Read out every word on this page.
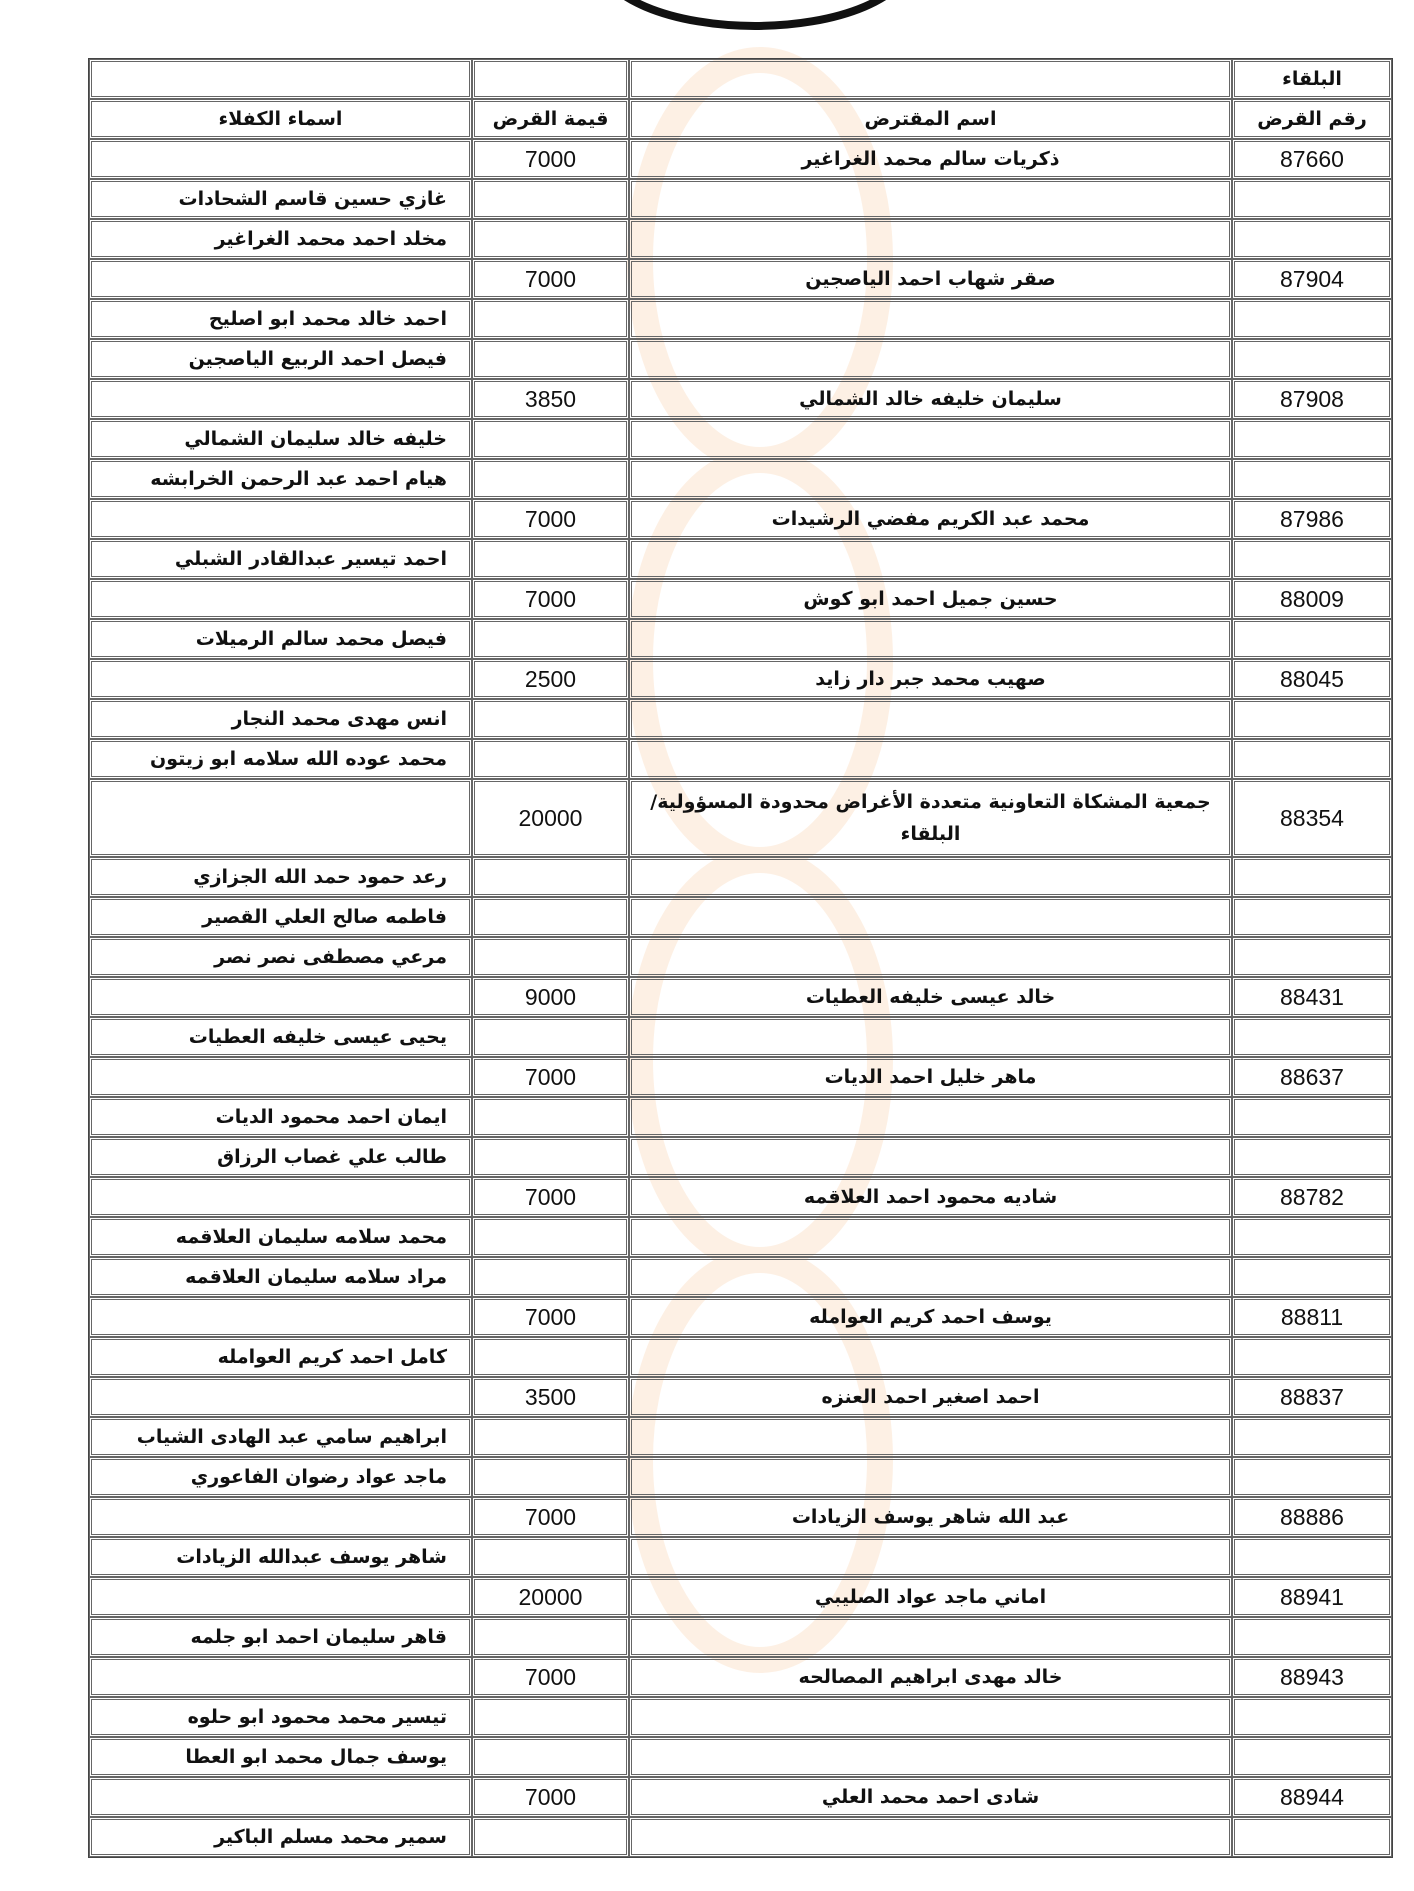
البلقاء			
رقم القرض	اسم المقترض	قيمة القرض	اسماء الكفلاء
87660	ذكريات سالم محمد الغراغير	7000	
			غازي حسين قاسم الشحادات
			مخلد احمد محمد الغراغير
87904	صقر شهاب احمد الياصجين	7000	
			احمد خالد محمد ابو اصليح
			فيصل احمد الربيع الياصجين
87908	سليمان خليفه خالد الشمالي	3850	
			خليفه خالد سليمان الشمالي
			هيام احمد عبد الرحمن الخرابشه
87986	محمد عبد الكريم مفضي الرشيدات	7000	
			احمد تيسير عبدالقادر الشبلي
88009	حسين جميل احمد ابو كوش	7000	
			فيصل محمد سالم الرميلات
88045	صهيب محمد جبر دار زايد	2500	
			انس مهدى محمد النجار
			محمد عوده الله سلامه ابو زيتون
88354	جمعية المشكاة التعاونية متعددة الأغراض محدودة المسؤولية/ البلقاء	20000	
			رعد حمود حمد الله الجزازي
			فاطمه صالح العلي القصير
			مرعي مصطفى نصر نصر
88431	خالد عيسى خليفه العطيات	9000	
			يحيى عيسى خليفه العطيات
88637	ماهر خليل احمد الديات	7000	
			ايمان احمد محمود الديات
			طالب علي غصاب الرزاق
88782	شاديه محمود احمد العلاقمه	7000	
			محمد سلامه سليمان العلاقمه
			مراد سلامه سليمان العلاقمه
88811	يوسف احمد كريم العوامله	7000	
			كامل احمد كريم العوامله
88837	احمد اصغير احمد العنزه	3500	
			ابراهيم سامي عبد الهادى الشياب
			ماجد عواد رضوان الفاعوري
88886	عبد الله شاهر يوسف الزيادات	7000	
			شاهر يوسف عبدالله الزيادات
88941	اماني ماجد عواد الصليبي	20000	
			قاهر سليمان احمد ابو جلمه
88943	خالد مهدى ابراهيم المصالحه	7000	
			تيسير محمد محمود ابو حلوه
			يوسف جمال محمد ابو العطا
88944	شادى احمد محمد العلي	7000	
			سمير محمد مسلم الباكير
